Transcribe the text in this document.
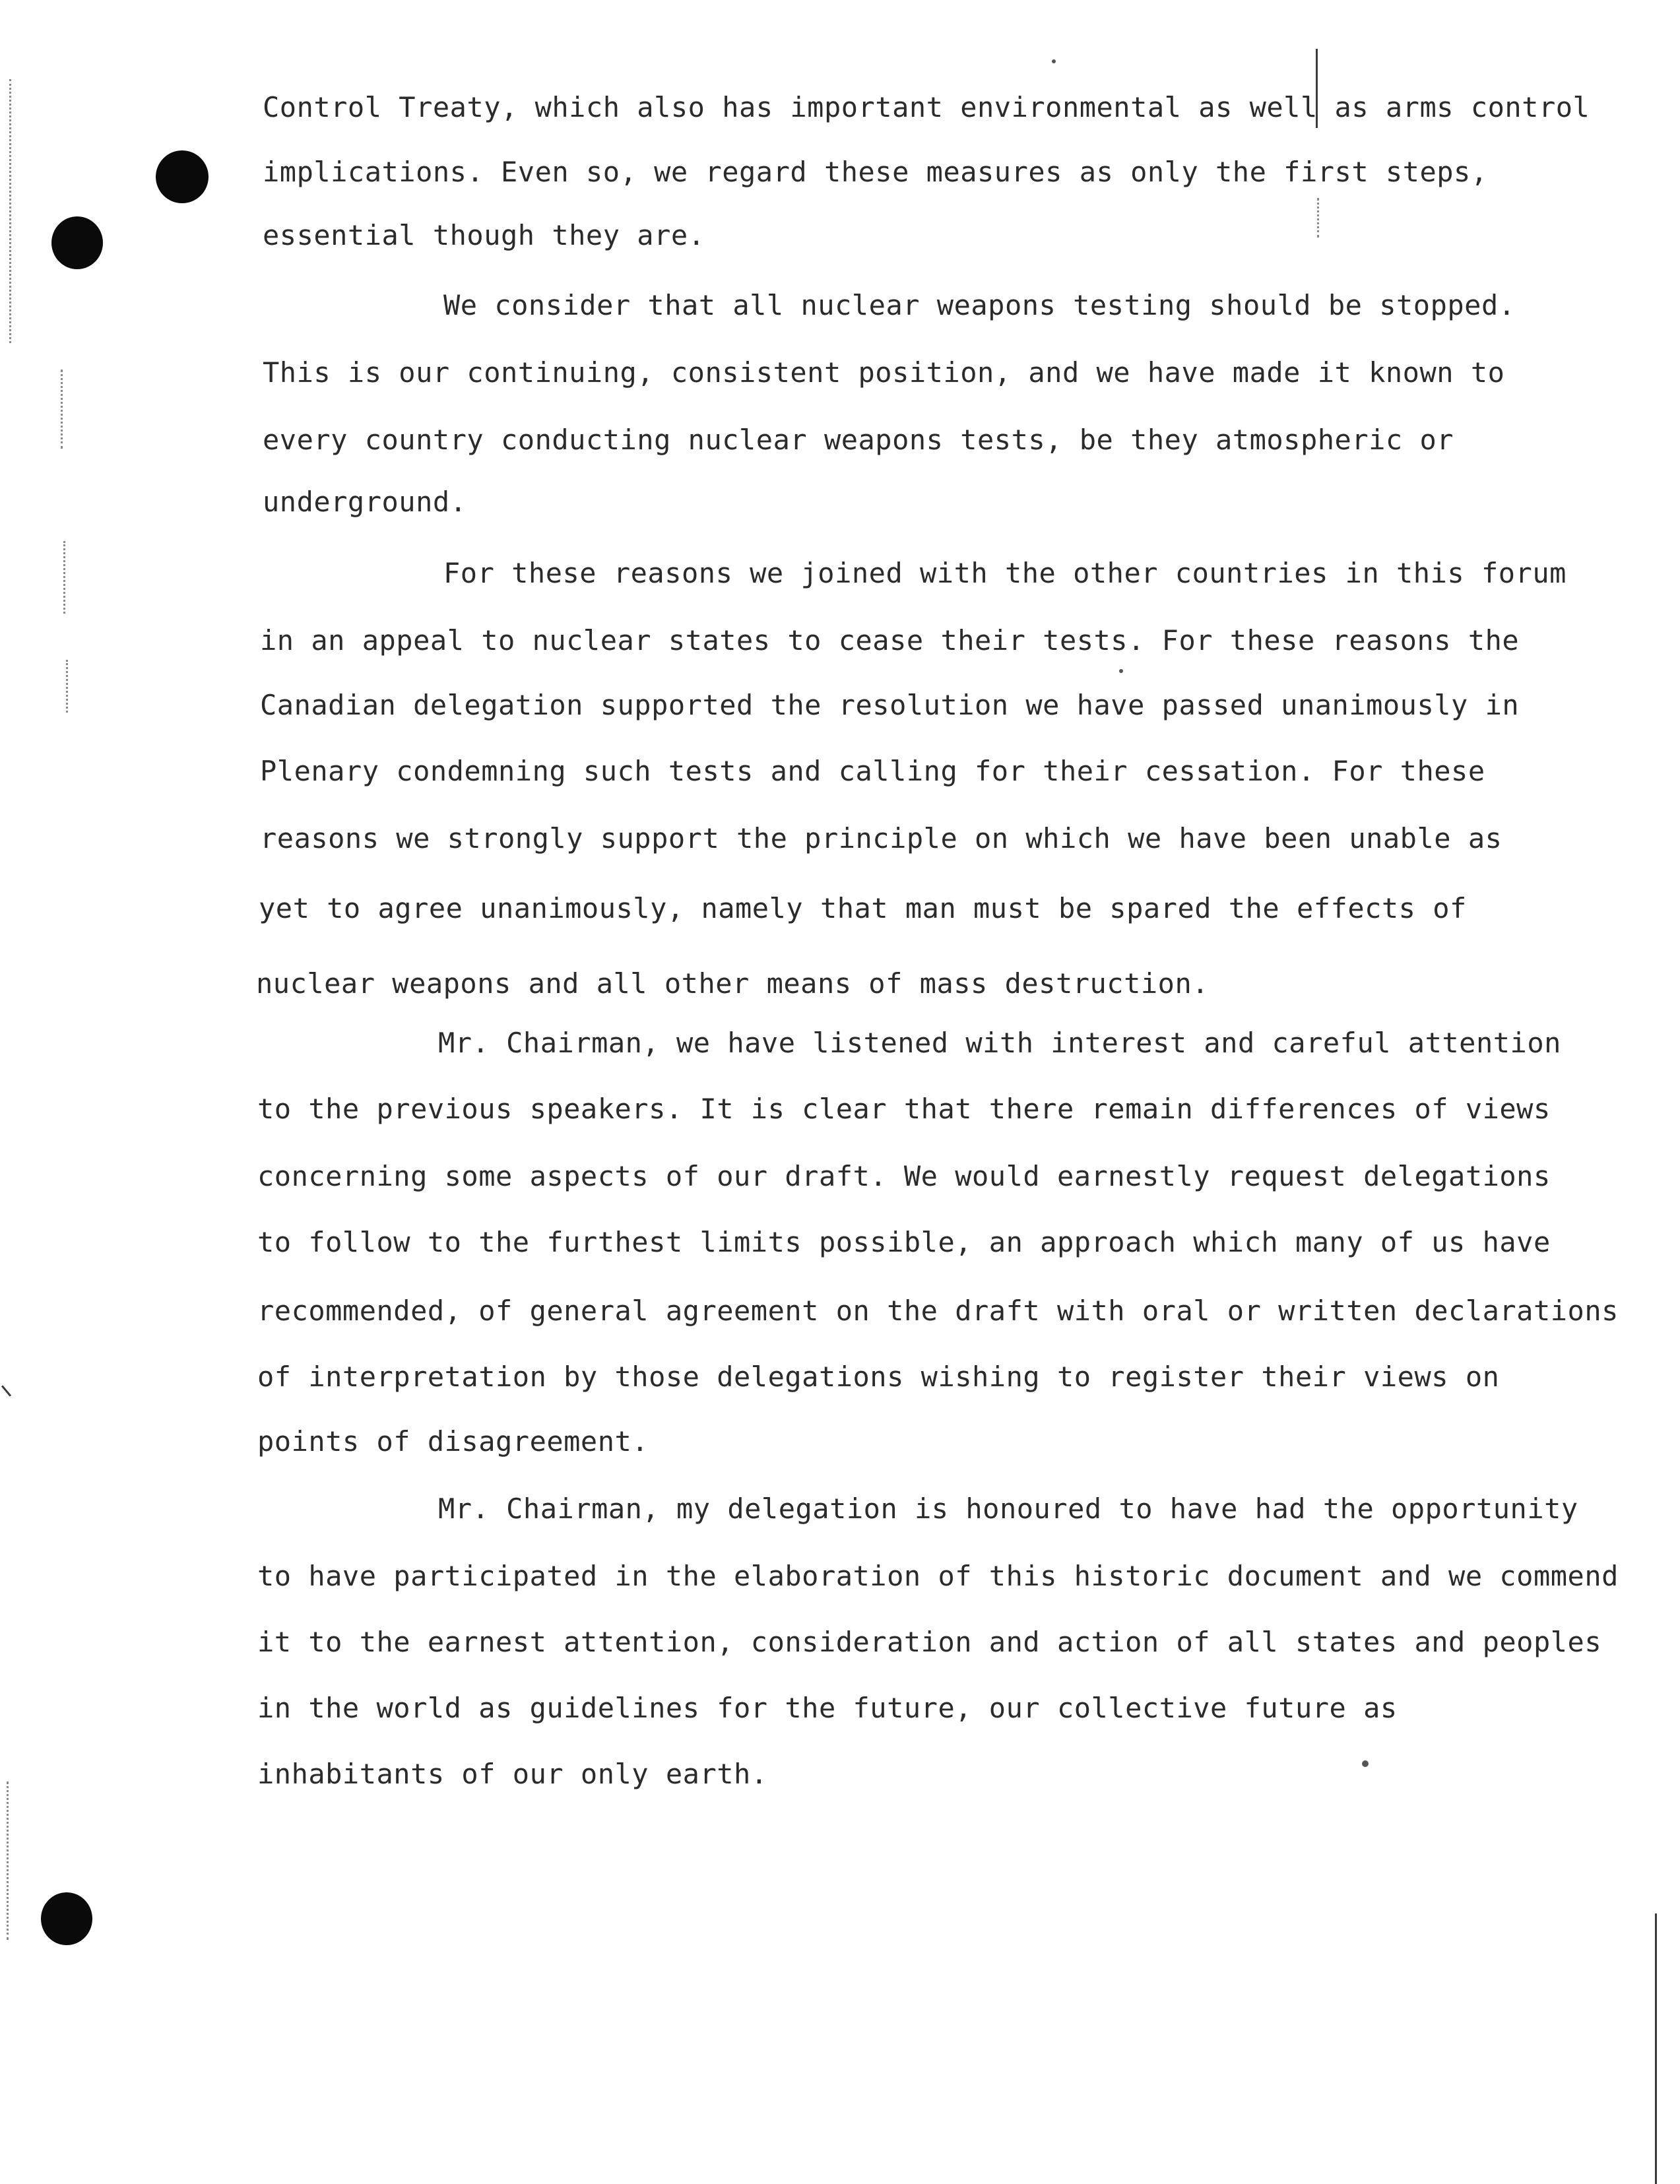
Control Treaty, which also has important environmental as well as arms control
implications. Even so, we regard these measures as only the first steps,
essential though they are.
We consider that all nuclear weapons testing should be stopped.
This is our continuing, consistent position, and we have made it known to
every country conducting nuclear weapons tests, be they atmospheric or
underground.
For these reasons we joined with the other countries in this forum
in an appeal to nuclear states to cease their tests. For these reasons the
Canadian delegation supported the resolution we have passed unanimously in
Plenary condemning such tests and calling for their cessation. For these
reasons we strongly support the principle on which we have been unable as
yet to agree unanimously, namely that man must be spared the effects of
nuclear weapons and all other means of mass destruction.
Mr. Chairman, we have listened with interest and careful attention
to the previous speakers. It is clear that there remain differences of views
concerning some aspects of our draft. We would earnestly request delegations
to follow to the furthest limits possible, an approach which many of us have
recommended, of general agreement on the draft with oral or written declarations
of interpretation by those delegations wishing to register their views on
points of disagreement.
Mr. Chairman, my delegation is honoured to have had the opportunity
to have participated in the elaboration of this historic document and we commend
it to the earnest attention, consideration and action of all states and peoples
in the world as guidelines for the future, our collective future as
inhabitants of our only earth.
